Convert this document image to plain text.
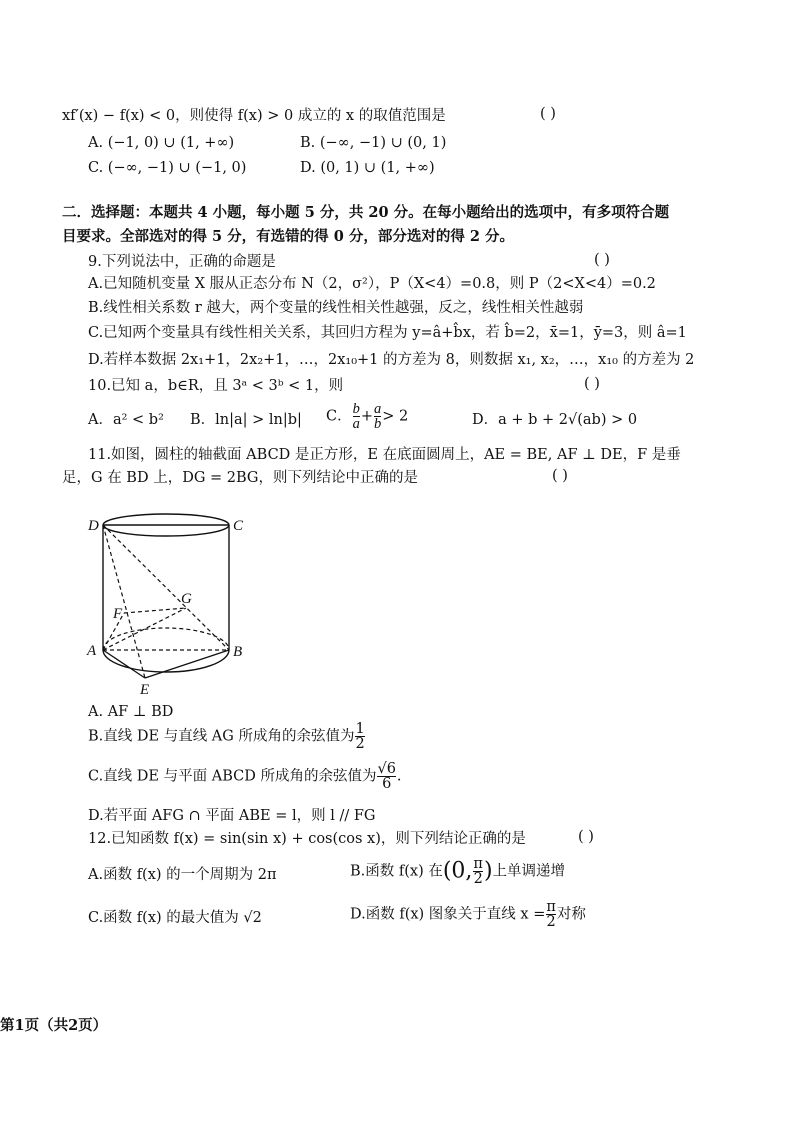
xf′(x) − f(x) < 0，则使得 f(x) > 0 成立的 x 的取值范围是	( )
A. (−1, 0) ∪ (1, +∞)	B. (−∞, −1) ∪ (0, 1)
C. (−∞, −1) ∪ (−1, 0)	D. (0, 1) ∪ (1, +∞)
二．选择题：本题共 4 小题，每小题 5 分，共 20 分。在每小题给出的选项中，有多项符合题
目要求。全部选对的得 5 分，有选错的得 0 分，部分选对的得 2 分。
9.下列说法中，正确的命题是	( )
A.已知随机变量 X 服从正态分布 N（2，σ²），P（X<4）=0.8，则 P（2<X<4）=0.2
B.线性相关系数 r 越大，两个变量的线性相关性越强，反之，线性相关性越弱
C.已知两个变量具有线性相关关系，其回归方程为 y=â+b̂x，若 b̂=2，x̄=1，ȳ=3，则 â=1
D.若样本数据 2x₁+1，2x₂+1，…，2x₁₀+1 的方差为 8，则数据 x₁, x₂，…，x₁₀ 的方差为 2
10.已知 a，b∈R，且 3ᵃ < 3ᵇ < 1，则	( )
A．a² < b² B．ln|a| > ln|b| C． $\frac{b}{a} + \frac{a}{b} > 2$	D．a + b + 2√(ab) > 0
11.如图，圆柱的轴截面 ABCD 是正方形，E 在底面圆周上，AE = BE, AF ⊥ DE，F 是垂
足，G 在 BD 上，DG = 2BG，则下列结论中正确的是	( )
D	C
G
F
A	B
E
A. AF ⊥ BD
B.直线 DE 与直线 AG 所成角的余弦值为 $\frac{1}{2}$
C.直线 DE 与平面 ABCD 所成角的余弦值为 $\frac{√6}{6}$ .
D.若平面 AFG ∩ 平面 ABE = l，则 l // FG
12.已知函数 f(x) = sin(sin x) + cos(cos x)，则下列结论正确的是	( )
A.函数 f(x) 的一个周期为 2π	B.函数 f(x) 在(0, $\frac{\pi}{2}$ )上单调递增
C.函数 f(x) 的最大值为 √2	D.函数 f(x) 图象关于直线 $x = \frac{\pi}{2}$ 对称
第1页（共2页）
